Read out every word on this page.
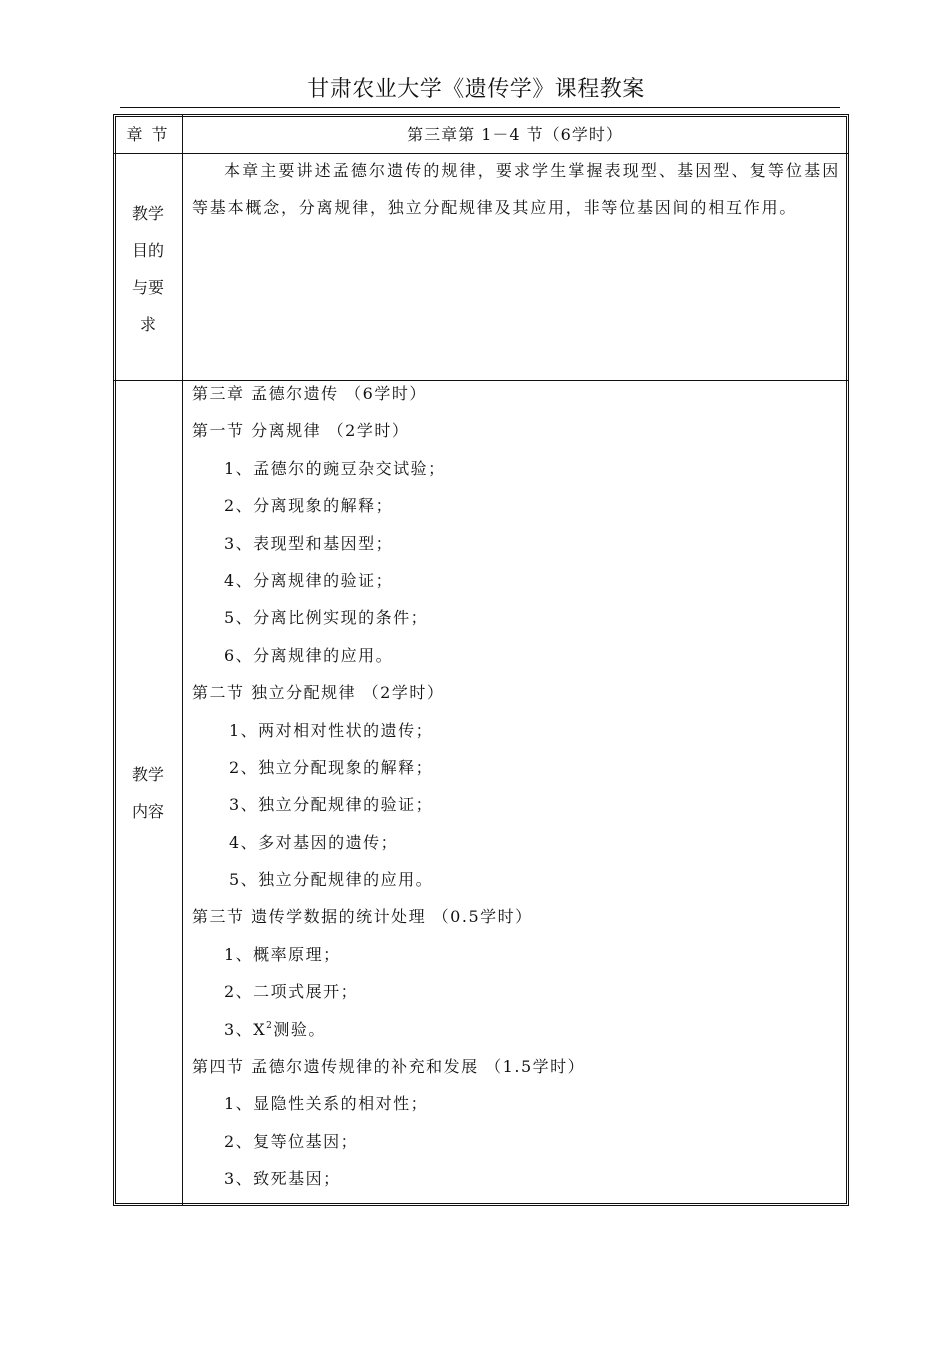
甘肃农业大学《遗传学》课程教案
章 节	第三章第 1－4 节（6学时）
教学
目的
与要
求

本章主要讲述孟德尔遗传的规律，要求学生掌握表现型、基因型、复等位基因等基本概念，分离规律，独立分配规律及其应用，非等位基因间的相互作用。

教学
内容
第三章 孟德尔遗传 （6学时）
第一节 分离规律 （2学时）
1、孟德尔的豌豆杂交试验；
2、分离现象的解释；
3、表现型和基因型；
4、分离规律的验证；
5、分离比例实现的条件；
6、分离规律的应用。
第二节 独立分配规律 （2学时）
1、两对相对性状的遗传；
2、独立分配现象的解释；
3、独立分配规律的验证；
4、多对基因的遗传；
5、独立分配规律的应用。
第三节 遗传学数据的统计处理 （0.5学时）
1、概率原理；
2、二项式展开；
3、$X^2$测验。
第四节 孟德尔遗传规律的补充和发展 （1.5学时）
1、显隐性关系的相对性；
2、复等位基因；
3、致死基因；
